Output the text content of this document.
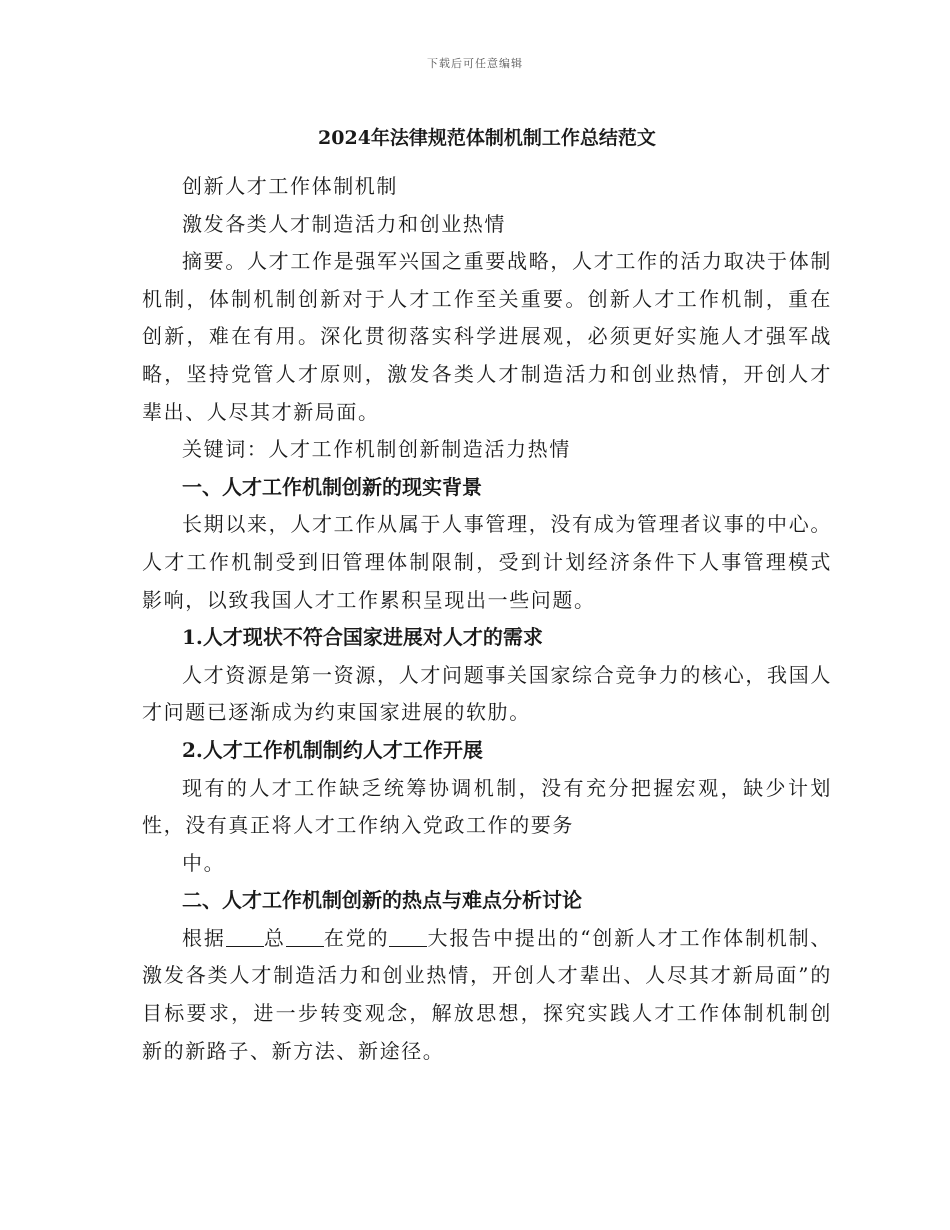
下载后可任意编辑
2024年法律规范体制机制工作总结范文

创新人才工作体制机制

激发各类人才制造活力和创业热情

摘要。人才工作是强军兴国之重要战略，人才工作的活力取决于体制机制，体制机制创新对于人才工作至关重要。创新人才工作机制，重在创新，难在有用。深化贯彻落实科学进展观，必须更好实施人才强军战略，坚持党管人才原则，激发各类人才制造活力和创业热情，开创人才辈出、人尽其才新局面。

关键词：人才工作机制创新制造活力热情

一、人才工作机制创新的现实背景

长期以来，人才工作从属于人事管理，没有成为管理者议事的中心。人才工作机制受到旧管理体制限制，受到计划经济条件下人事管理模式影响，以致我国人才工作累积呈现出一些问题。

1.人才现状不符合国家进展对人才的需求

人才资源是第一资源，人才问题事关国家综合竞争力的核心，我国人才问题已逐渐成为约束国家进展的软肋。

2.人才工作机制制约人才工作开展

现有的人才工作缺乏统筹协调机制，没有充分把握宏观，缺少计划性，没有真正将人才工作纳入党政工作的要务

中。

二、人才工作机制创新的热点与难点分析讨论

根据 总 在党的 大报告中提出的“创新人才工作体制机制、激发各类人才制造活力和创业热情，开创人才辈出、人尽其才新局面”的目标要求，进一步转变观念，解放思想，探究实践人才工作体制机制创新的新路子、新方法、新途径。
